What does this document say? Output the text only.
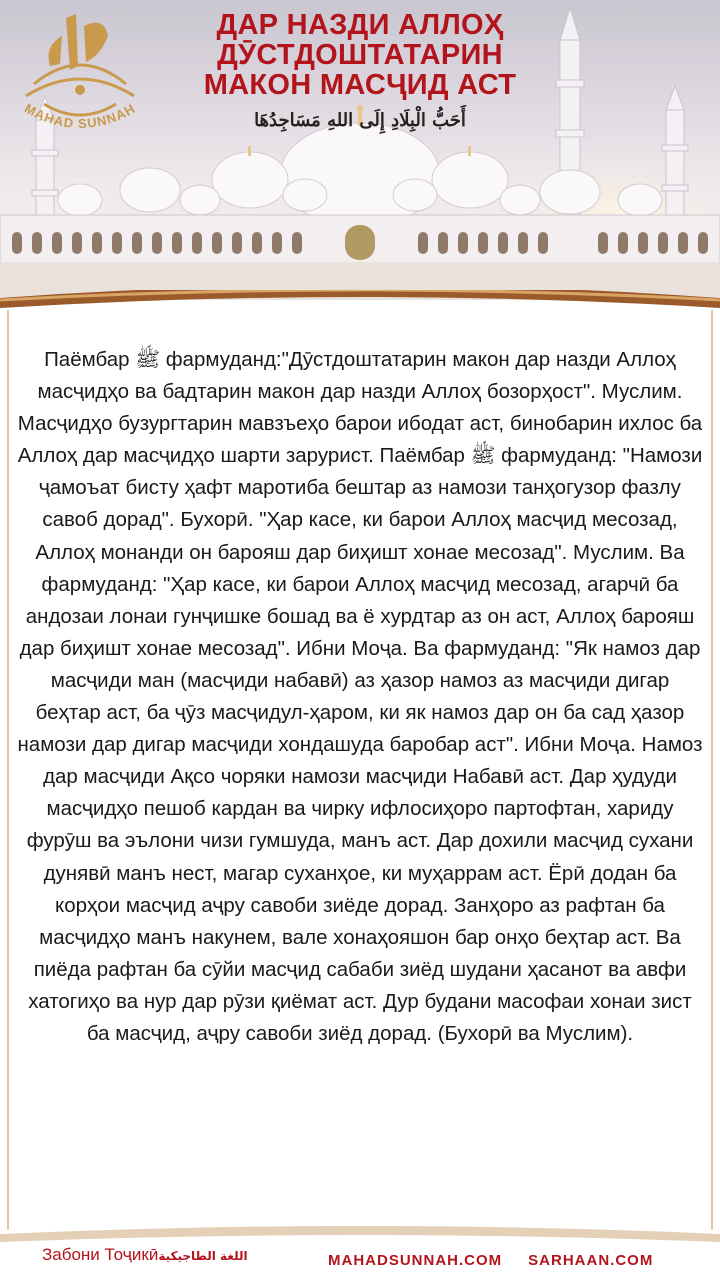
MAHAD SUNNAH
ДАР НАЗДИ АЛЛОҲ
ДӮСТДОШТАТАРИН
МАКОН МАСҶИД АСТ
أَحَبُّ الْبِلَادِ إِلَى اللهِ مَسَاجِدُهَا

Паёмбар ﷺ фармуданд:"Дӯстдоштатарин макон дар назди Аллоҳ масҷидҳо ва бадтарин макон дар назди Аллоҳ бозорҳост". Муслим. Масҷидҳо бузургтарин мавзъеҳо барои ибодат аст, бинобарин ихлос ба Аллоҳ дар масҷидҳо шарти зарурист. Паёмбар ﷺ фармуданд: "Намози ҷамоъат бисту ҳафт маротиба бештар аз намози танҳогузор фазлу савоб дорад". Бухорӣ. "Ҳар касе, ки барои Аллоҳ масҷид месозад, Аллоҳ монанди он барояш дар биҳишт хонае месозад". Муслим. Ва фармуданд: "Ҳар касе, ки барои Аллоҳ масҷид месозад, агарчӣ ба андозаи лонаи гунҷишке бошад ва ё хурдтар аз он аст, Аллоҳ барояш дар биҳишт хонае месозад". Ибни Моҷа. Ва фармуданд: "Як намоз дар масҷиди ман (масҷиди набавӣ) аз ҳазор намоз аз масҷиди дигар беҳтар аст, ба ҷӯз масҷидул-ҳаром, ки як намоз дар он ба сад ҳазор намози дар дигар масҷиди хондашуда баробар аст". Ибни Моҷа. Намоз дар масҷиди Ақсо чоряки намози масҷиди Набавӣ аст. Дар ҳудуди масҷидҳо пешоб кардан ва чирку ифлосиҳоро партофтан, хариду фурӯш ва эълони чизи гумшуда, манъ аст. Дар дохили масҷид сухани дунявӣ манъ нест, магар суханҳое, ки муҳаррам аст. Ёрӣ додан ба корҳои масҷид аҷру савоби зиёде дорад. Занҳоро аз рафтан ба масҷидҳо манъ накунем, вале хонаҳояшон бар онҳо беҳтар аст. Ва пиёда рафтан ба сӯйи масҷид сабаби зиёд шудани ҳасанот ва авфи хатогиҳо ва нур дар рӯзи қиёмат аст. Дур будани масофаи хонаи зист ба масҷид, аҷру савоби зиёд дорад. (Бухорӣ ва Муслим).

Забони Тоҷикӣاللغة الطاجيكية	MAHADSUNNAH.COM SARHAAN.COM
